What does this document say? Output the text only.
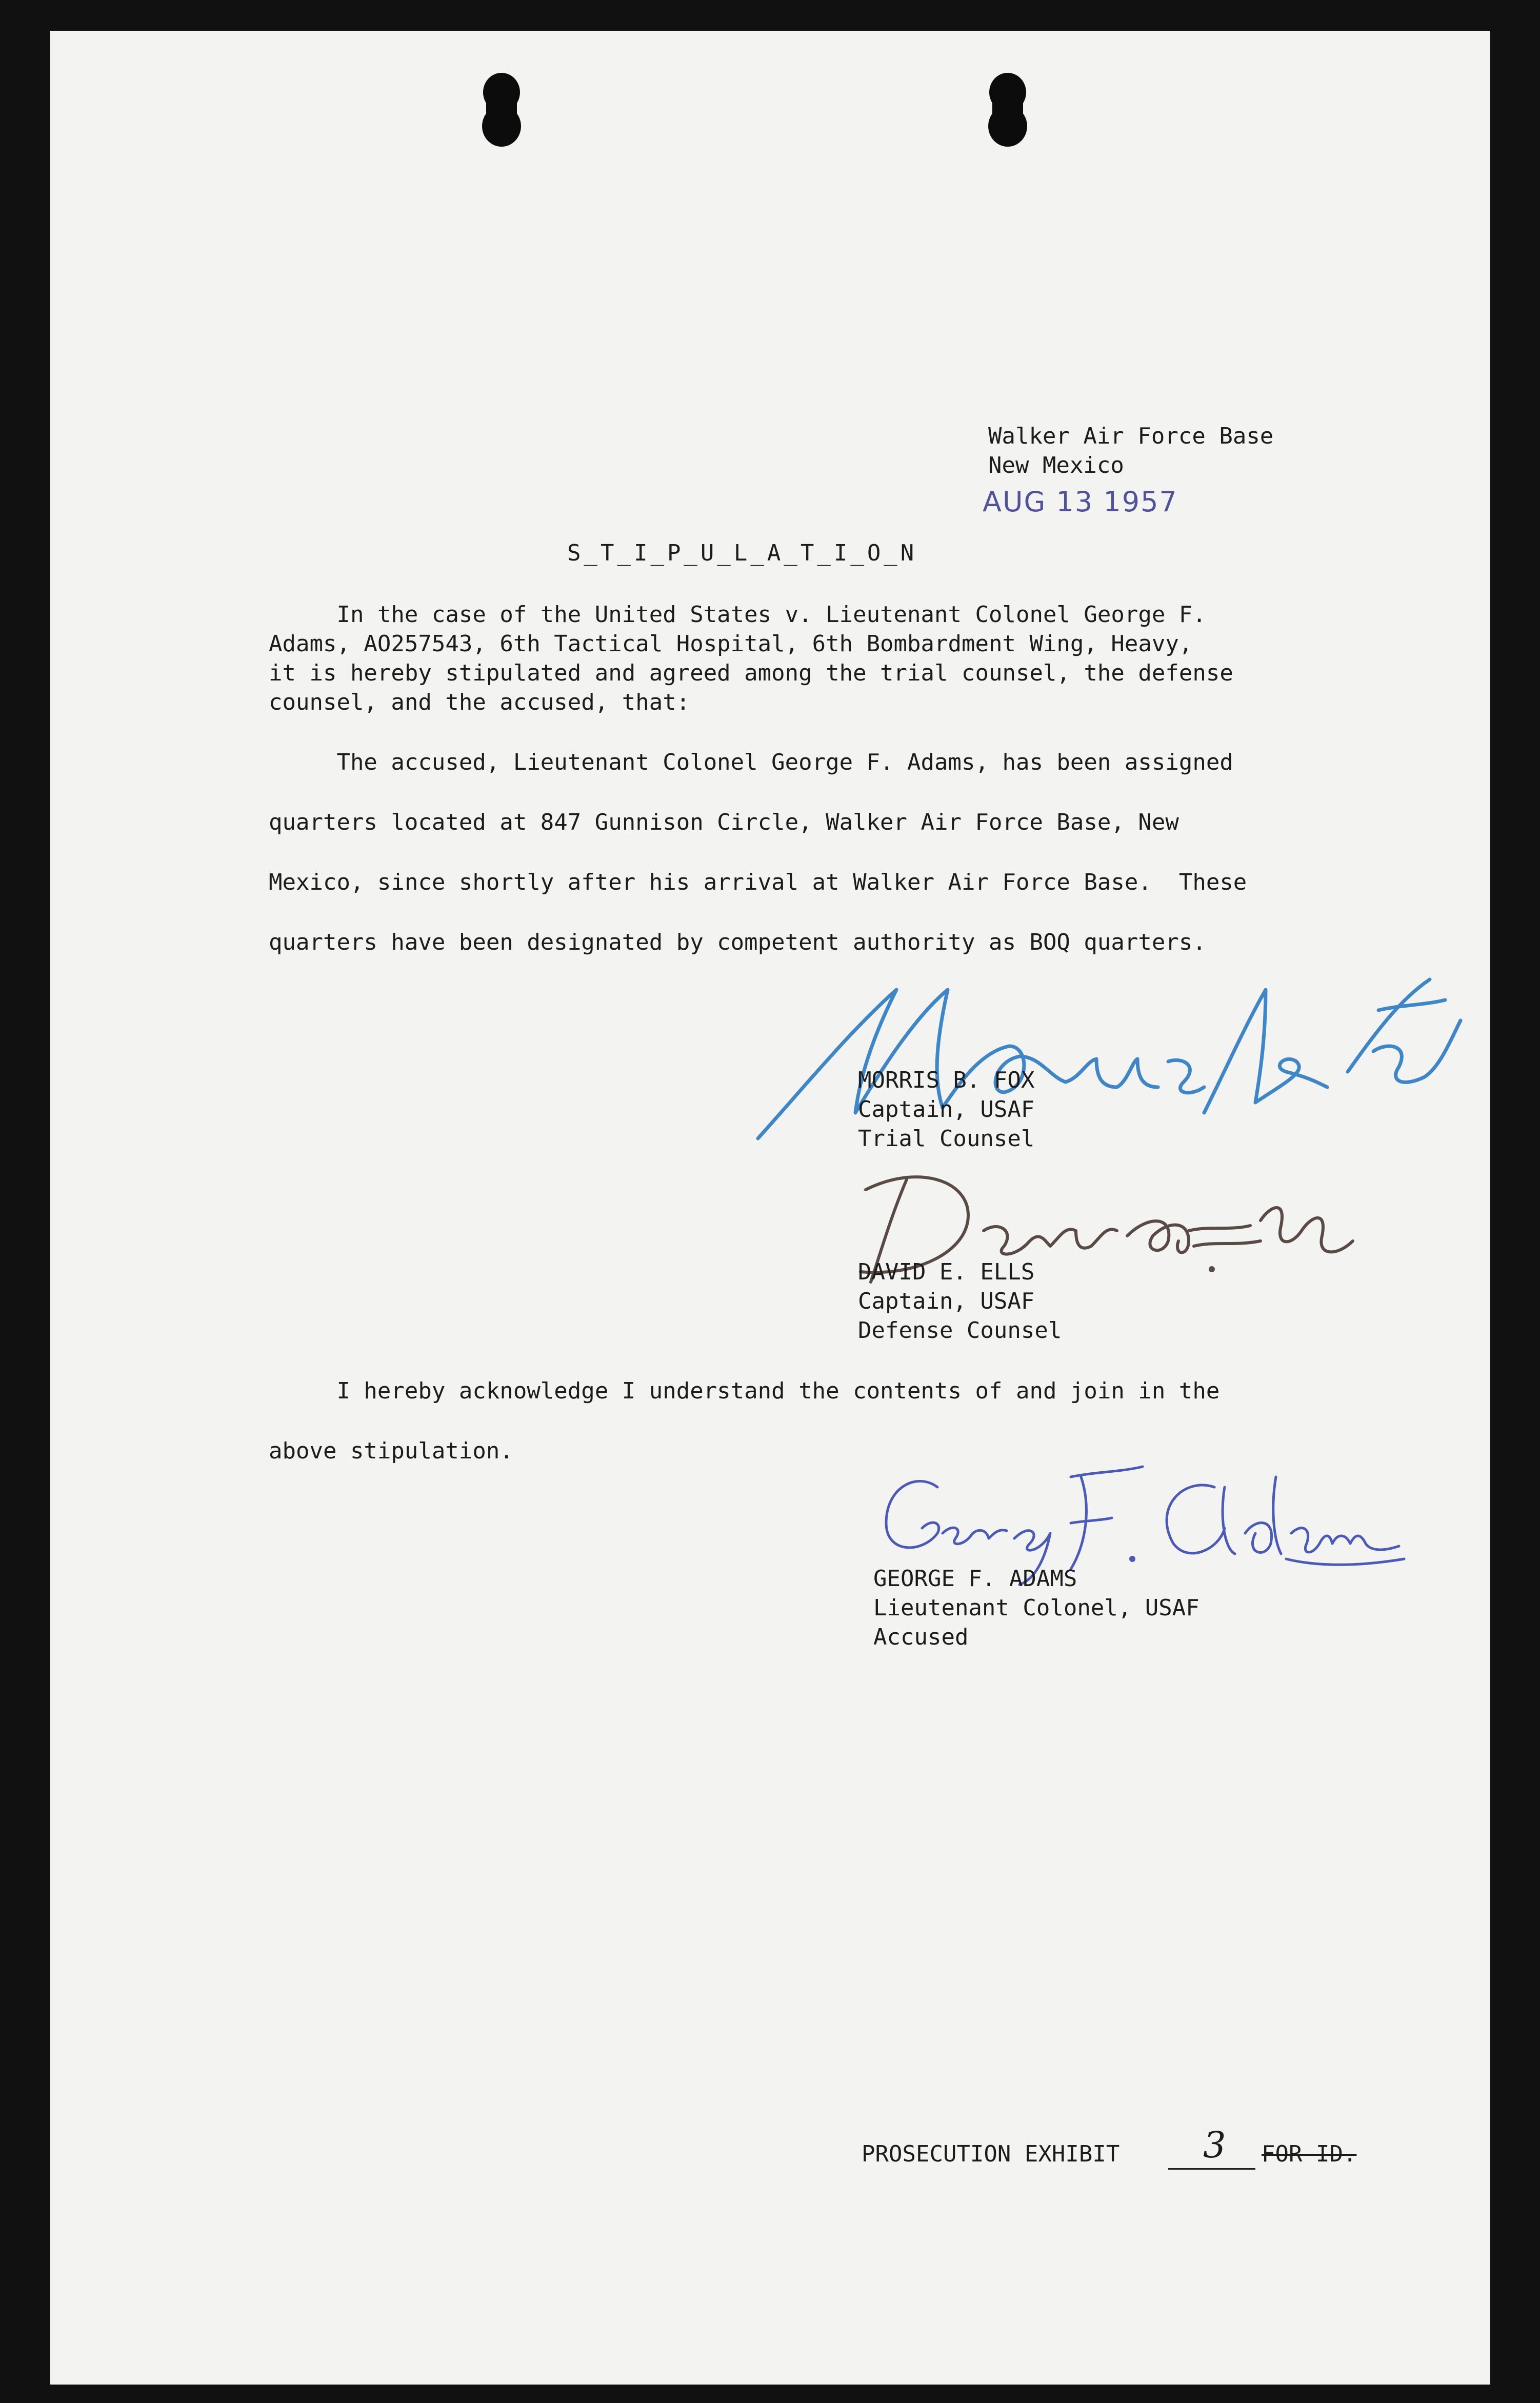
Walker Air Force Base

New Mexico

AUG 13 1957

S_T_I_P_U_L_A_T_I_O_N

In the case of the United States v. Lieutenant Colonel George F.

Adams, AO257543, 6th Tactical Hospital, 6th Bombardment Wing, Heavy,

it is hereby stipulated and agreed among the trial counsel, the defense

counsel, and the accused, that:

The accused, Lieutenant Colonel George F. Adams, has been assigned

quarters located at 847 Gunnison Circle, Walker Air Force Base, New

Mexico, since shortly after his arrival at Walker Air Force Base.  These

quarters have been designated by competent authority as BOQ quarters.

MORRIS B. FOX

Captain, USAF

Trial Counsel

DAVID E. ELLS

Captain, USAF

Defense Counsel

I hereby acknowledge I understand the contents of and join in the

above stipulation.

GEORGE F. ADAMS

Lieutenant Colonel, USAF

Accused

PROSECUTION EXHIBIT 3 FOR ID.
